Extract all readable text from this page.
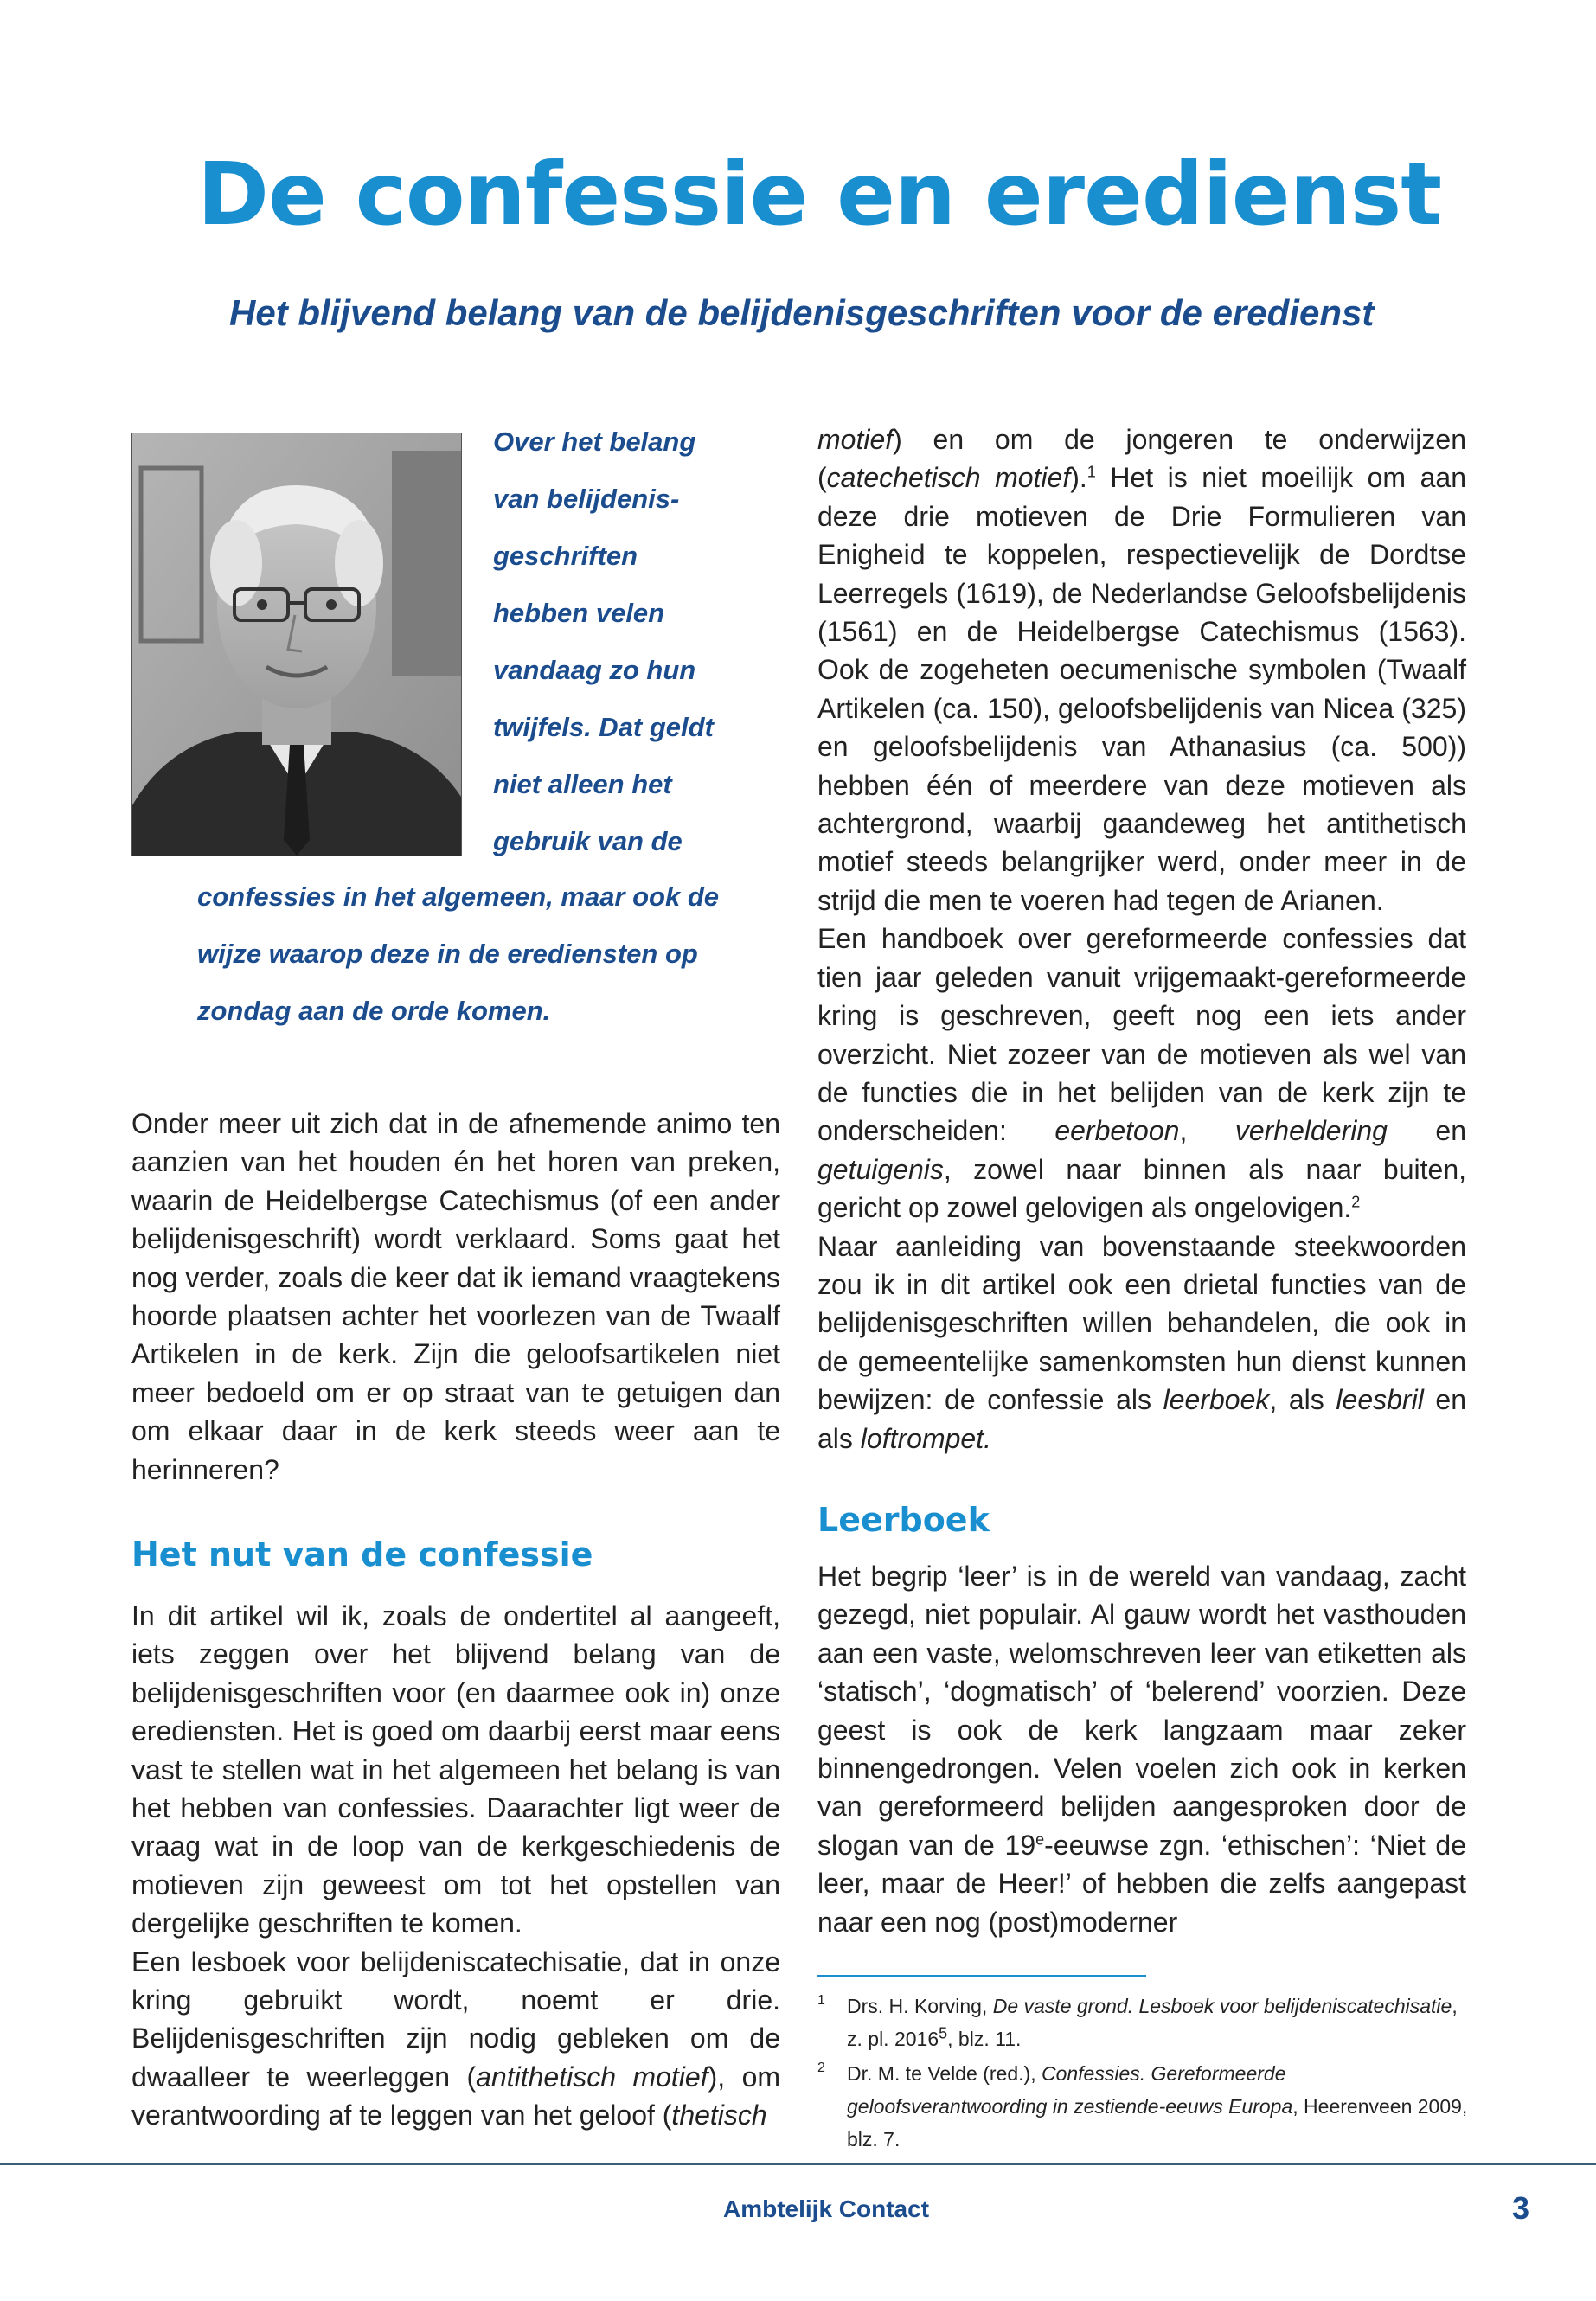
De confessie en eredienst
Het blijvend belang van de belijdenisgeschriften voor de eredienst
Over het belang
van belijdenis-
geschriften
hebben velen
vandaag zo hun
twijfels. Dat geldt
niet alleen het
gebruik van de
confessies in het algemeen, maar ook de
wijze waarop deze in de erediensten op
zondag aan de orde komen.

Onder meer uit zich dat in de afnemende animo ten aanzien van het houden én het horen van preken, waarin de Heidelbergse Catechismus (of een ander belijdenisgeschrift) wordt verklaard. Soms gaat het nog verder, zoals die keer dat ik iemand vraagtekens hoorde plaatsen achter het voorlezen van de Twaalf Artikelen in de kerk. Zijn die geloofsartikelen niet meer bedoeld om er op straat van te getuigen dan om elkaar daar in de kerk steeds weer aan te herinneren?

Het nut van de confessie

In dit artikel wil ik, zoals de ondertitel al aangeeft, iets zeggen over het blijvend belang van de belijdenisgeschriften voor (en daarmee ook in) onze erediensten. Het is goed om daarbij eerst maar eens vast te stellen wat in het algemeen het belang is van het hebben van confessies. Daarachter ligt weer de vraag wat in de loop van de kerkgeschiedenis de motieven zijn geweest om tot het opstellen van dergelijke geschriften te komen.

Een lesboek voor belijdeniscatechisatie, dat in onze kring gebruikt wordt, noemt er drie. Belijdenisgeschriften zijn nodig gebleken om de dwaalleer te weerleggen (antithetisch motief), om verantwoording af te leggen van het geloof (thetisch

motief) en om de jongeren te onderwijzen (catechetisch motief).$^1$ Het is niet moeilijk om aan deze drie motieven de Drie Formulieren van Enigheid te koppelen, respectievelijk de Dordtse Leerregels (1619), de Nederlandse Geloofsbelijdenis (1561) en de Heidelbergse Catechismus (1563). Ook de zogeheten oecumenische symbolen (Twaalf Artikelen (ca. 150), geloofsbelijdenis van Nicea (325) en geloofsbelijdenis van Athanasius (ca. 500)) hebben één of meerdere van deze motieven als achtergrond, waarbij gaandeweg het antithetisch motief steeds belangrijker werd, onder meer in de strijd die men te voeren had tegen de Arianen.

Een handboek over gereformeerde confessies dat tien jaar geleden vanuit vrijgemaakt-gereformeerde kring is geschreven, geeft nog een iets ander overzicht. Niet zozeer van de motieven als wel van de functies die in het belijden van de kerk zijn te onderscheiden: eerbetoon, verheldering en getuigenis, zowel naar binnen als naar buiten, gericht op zowel gelovigen als ongelovigen.$^2$

Naar aanleiding van bovenstaande steekwoorden zou ik in dit artikel ook een drietal functies van de belijdenisgeschriften willen behandelen, die ook in de gemeentelijke samenkomsten hun dienst kunnen bewijzen: de confessie als leerboek, als leesbril en als loftrompet.

Leerboek

Het begrip ‘leer’ is in de wereld van vandaag, zacht gezegd, niet populair. Al gauw wordt het vasthouden aan een vaste, welomschreven leer van etiketten als ‘statisch’, ‘dogmatisch’ of ‘belerend’ voorzien. Deze geest is ook de kerk langzaam maar zeker binnengedrongen. Velen voelen zich ook in kerken van gereformeerd belijden aangesproken door de slogan van de 19e-eeuwse zgn. ‘ethischen’: ‘Niet de leer, maar de Heer!’ of hebben die zelfs aangepast naar een nog (post)moderner

1 Drs. H. Korving, De vaste grond. Lesboek voor belijdeniscatechisatie, z. pl. 2016$^5$, blz. 11.

2 Dr. M. te Velde (red.), Confessies. Gereformeerde geloofsverantwoording in zestiende-eeuws Europa, Heerenveen 2009, blz. 7.

Ambtelijk Contact	3
